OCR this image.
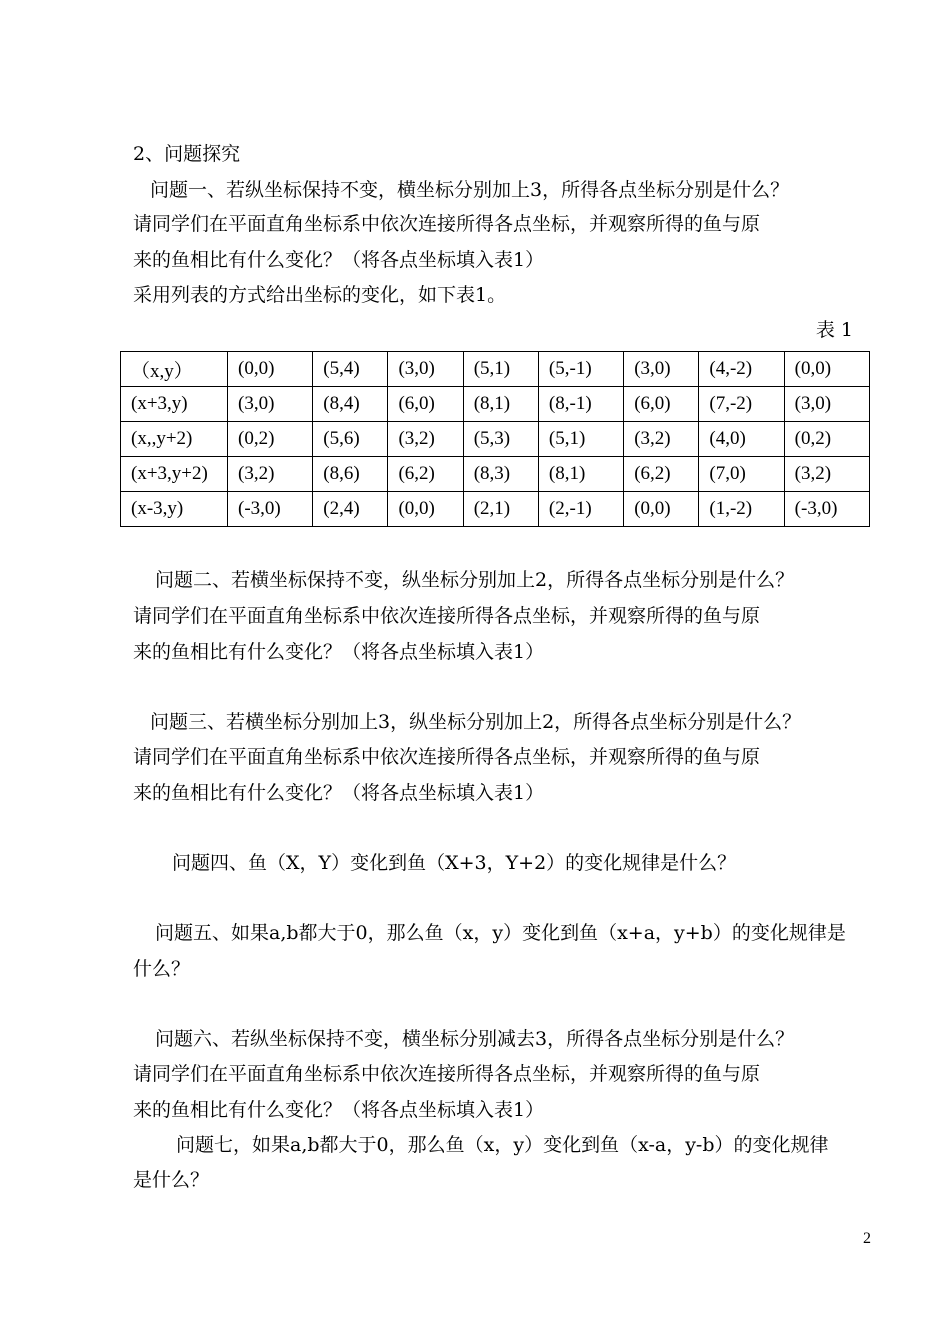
2、问题探究
问题一、若纵坐标保持不变，横坐标分别加上3，所得各点坐标分别是什么？
请同学们在平面直角坐标系中依次连接所得各点坐标，并观察所得的鱼与原
来的鱼相比有什么变化？（将各点坐标填入表1）
采用列表的方式给出坐标的变化，如下表1。
表 1
（x,y）	(0,0)	(5,4)	(3,0)	(5,1)	(5,-1)	(3,0)	(4,-2)	(0,0)
(x+3,y)	(3,0)	(8,4)	(6,0)	(8,1)	(8,-1)	(6,0)	(7,-2)	(3,0)
(x,,y+2)	(0,2)	(5,6)	(3,2)	(5,3)	(5,1)	(3,2)	(4,0)	(0,2)
(x+3,y+2)	(3,2)	(8,6)	(6,2)	(8,3)	(8,1)	(6,2)	(7,0)	(3,2)
(x-3,y)	(-3,0)	(2,4)	(0,0)	(2,1)	(2,-1)	(0,0)	(1,-2)	(-3,0)
问题二、若横坐标保持不变，纵坐标分别加上2，所得各点坐标分别是什么？
请同学们在平面直角坐标系中依次连接所得各点坐标，并观察所得的鱼与原
来的鱼相比有什么变化？（将各点坐标填入表1）
问题三、若横坐标分别加上3，纵坐标分别加上2，所得各点坐标分别是什么？
请同学们在平面直角坐标系中依次连接所得各点坐标，并观察所得的鱼与原
来的鱼相比有什么变化？（将各点坐标填入表1）
问题四、鱼（X，Y）变化到鱼（X+3，Y+2）的变化规律是什么？
问题五、如果a,b都大于0，那么鱼（x，y）变化到鱼（x+a，y+b）的变化规律是
什么？
问题六、若纵坐标保持不变，横坐标分别减去3，所得各点坐标分别是什么？
请同学们在平面直角坐标系中依次连接所得各点坐标，并观察所得的鱼与原
来的鱼相比有什么变化？（将各点坐标填入表1）
问题七，如果a,b都大于0，那么鱼（x，y）变化到鱼（x-a，y-b）的变化规律
是什么？
2
